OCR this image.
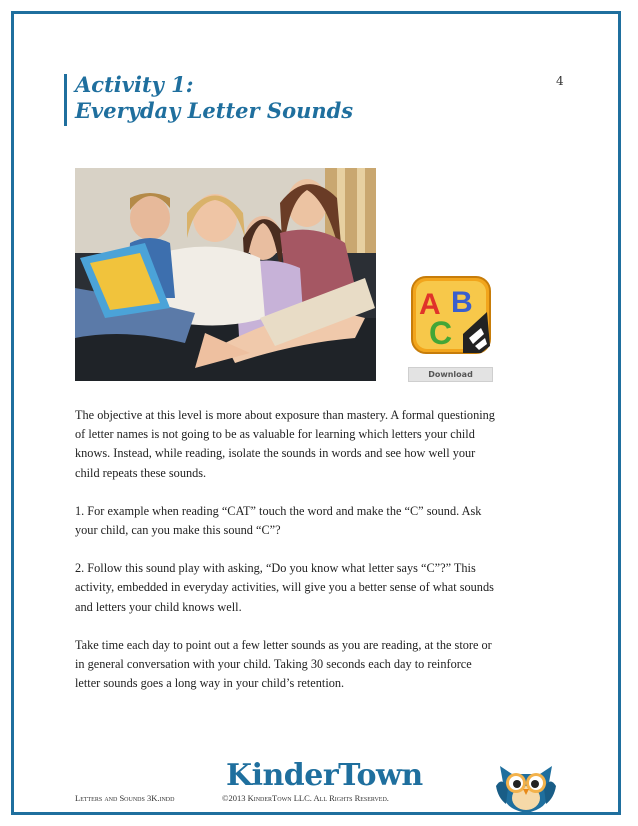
Activity 1:
Everyday Letter Sounds
4
A B
C
Download

The objective at this level is more about exposure than mastery. A formal questioning of letter names is not going to be as valuable for learning which letters your child knows. Instead, while reading, isolate the sounds in words and see how well your child repeats these sounds.

1. For example when reading “CAT” touch the word and make the “C” sound. Ask your child, can you make this sound “C”?

2. Follow this sound play with asking, “Do you know what letter says “C”?” This activity, embedded in everyday activities, will give you a better sense of what sounds and letters your child knows well.

Take time each day to point out a few letter sounds as you are reading, at the store or in general conversation with your child. Taking 30 seconds each day to reinforce letter sounds goes a long way in your child’s retention.

KinderTown
Letters and Sounds 3K.indd	©2013 KinderTown LLC. All Rights Reserved.
